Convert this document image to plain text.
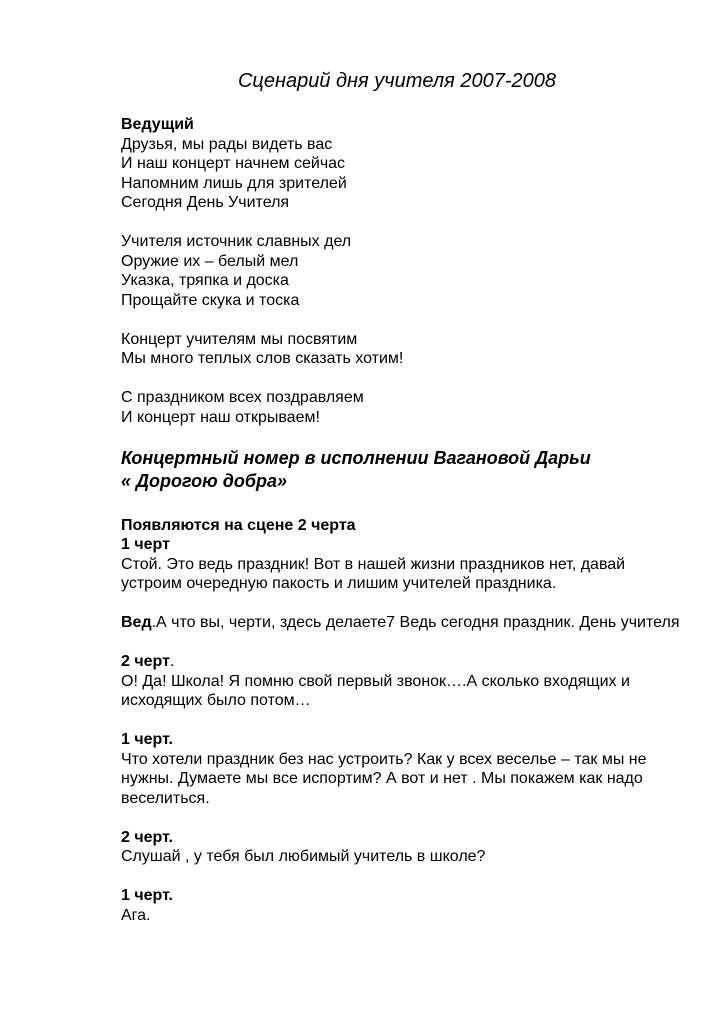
Сценарий дня учителя 2007-2008
Ведущий
Друзья, мы рады видеть вас
И наш концерт начнем сейчас
Напомним лишь для зрителей
Сегодня День Учителя
Учителя источник славных дел
Оружие их – белый мел
Указка, тряпка и доска
Прощайте скука и тоска
Концерт учителям мы посвятим
Мы много теплых слов сказать хотим!
С праздником всех поздравляем
И концерт наш открываем!
Концертный номер в исполнении Вагановой Дарьи
« Дорогою добра»
Появляются на сцене 2 черта
1 черт
Стой. Это ведь праздник! Вот в нашей жизни праздников нет, давай устроим очередную пакость и лишим учителей праздника.
Вед.А что вы, черти, здесь делаете7 Ведь сегодня праздник. День учителя
2 черт.
О! Да! Школа! Я помню свой первый звонок….А сколько входящих и исходящих было потом…
1 черт.
Что хотели праздник без нас устроить? Как у всех веселье – так мы не нужны. Думаете мы все испортим? А вот и нет . Мы покажем как надо веселиться.
2 черт.
Слушай , у тебя был любимый учитель в школе?
1 черт.
Ага.
